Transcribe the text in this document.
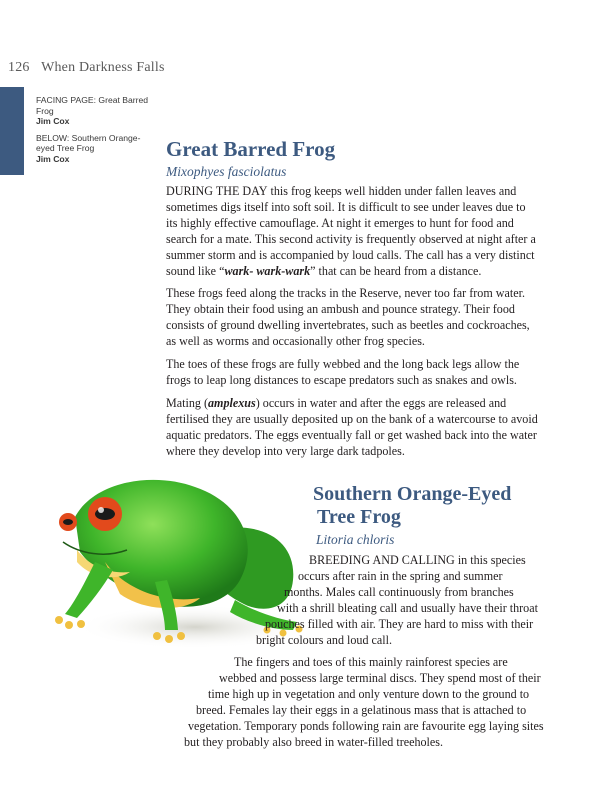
126 When Darkness Falls
FACING PAGE: Great Barred Frog
Jim Cox
BELOW: Southern Orange-eyed Tree Frog
Jim Cox	Great Barred Frog
Mixophyes fasciolatus

DURING THE DAY this frog keeps well hidden under fallen leaves and sometimes digs itself into soft soil. It is difficult to see under leaves due to its highly effective camouflage. At night it emerges to hunt for food and search for a mate. This second activity is frequently observed at night after a summer storm and is accompanied by loud calls. The call has a very distinct sound like “wark- wark-wark” that can be heard from a distance.

These frogs feed along the tracks in the Reserve, never too far from water. They obtain their food using an ambush and pounce strategy. Their food consists of ground dwelling invertebrates, such as beetles and cockroaches, as well as worms and occasionally other frog species.

The toes of these frogs are fully webbed and the long back legs allow the frogs to leap long distances to escape predators such as snakes and owls.

Mating (amplexus) occurs in water and after the eggs are released and fertilised they are usually deposited up on the bank of a watercourse to avoid aquatic predators. The eggs eventually fall or get washed back into the water where they develop into very large dark tadpoles.

Southern Orange-Eyed
Tree Frog
Litoria chloris
BREEDING AND CALLING in this species
occurs after rain in the spring and summer
months. Males call continuously from branches
with a shrill bleating call and usually have their throat
pouches filled with air. They are hard to miss with their
bright colours and loud call.
The fingers and toes of this mainly rainforest species are
webbed and possess large terminal discs. They spend most of their
time high up in vegetation and only venture down to the ground to
breed. Females lay their eggs in a gelatinous mass that is attached to
vegetation. Temporary ponds following rain are favourite egg laying sites
but they probably also breed in water-filled treeholes.
